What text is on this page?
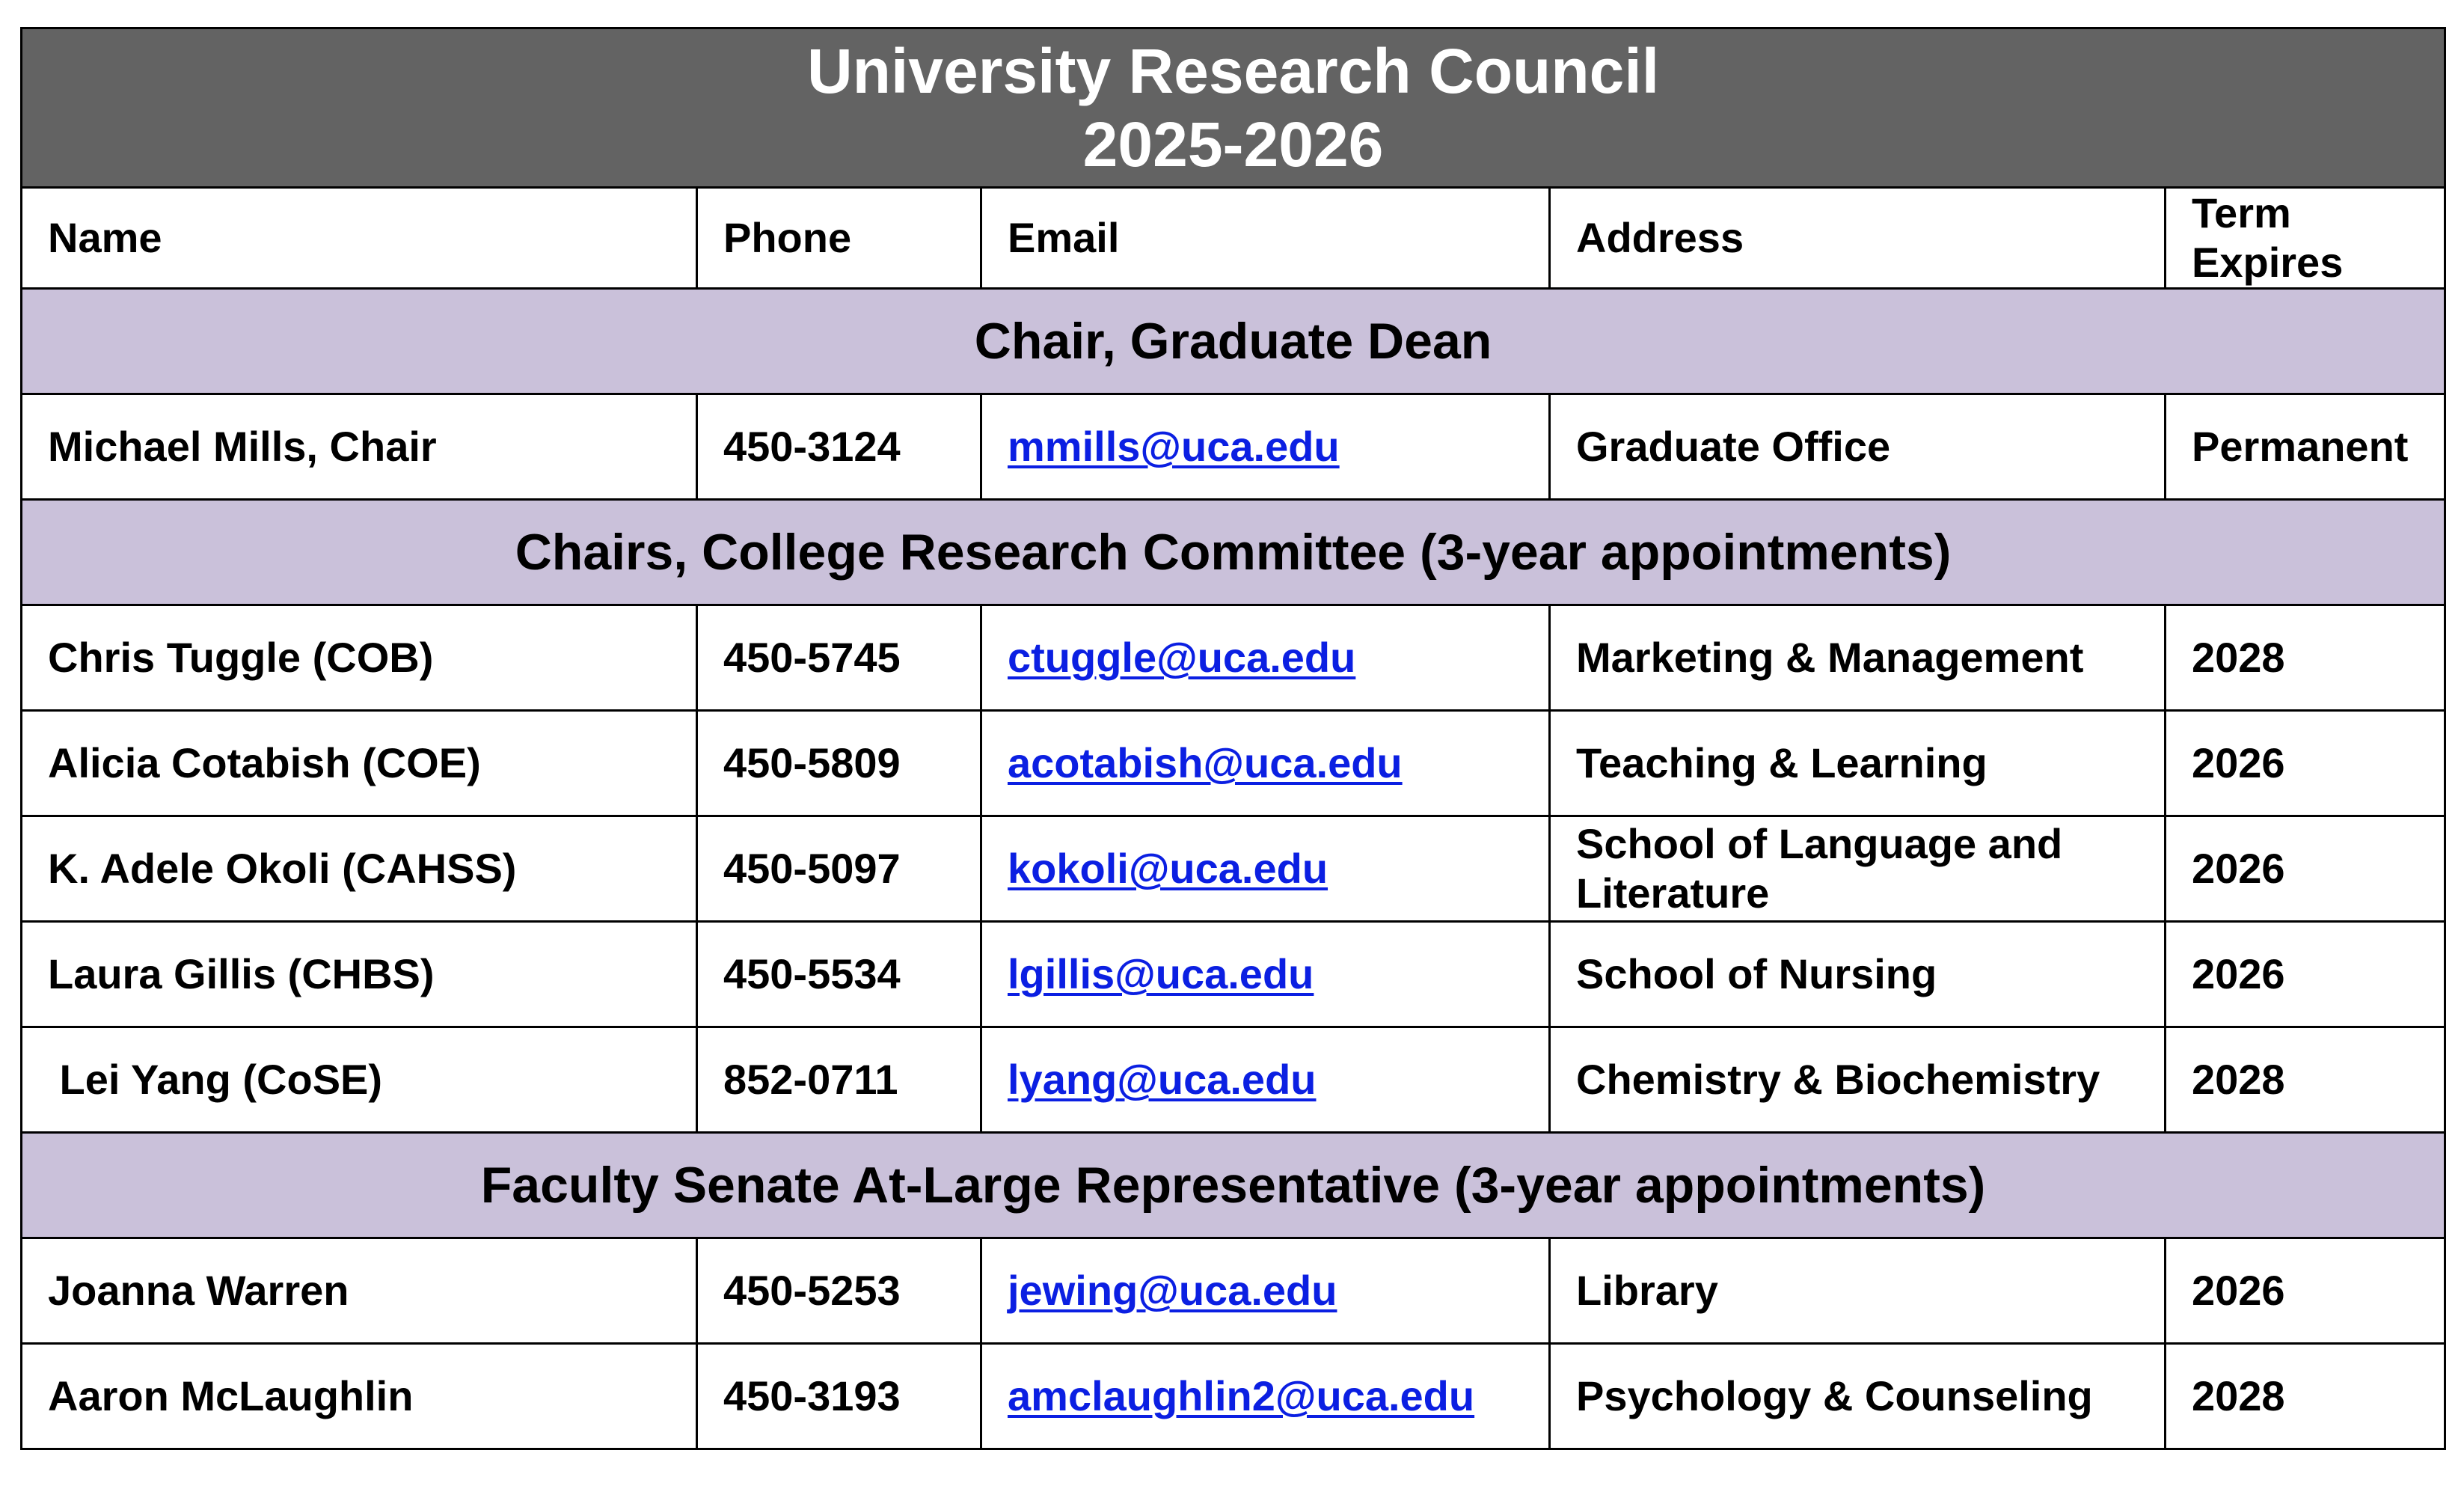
University Research Council
2025-2026				

Name	Phone	Email	Address	Term Expires
Chair, Graduate Dean				
Michael Mills, Chair	450-3124	mmills@uca.edu	Graduate Office	Permanent
Chairs, College Research Committee (3-year appointments)				
Chris Tuggle (COB)	450-5745	ctuggle@uca.edu	Marketing & Management	2028
Alicia Cotabish (COE)	450-5809	acotabish@uca.edu	Teaching & Learning	2026
K. Adele Okoli (CAHSS)	450-5097	kokoli@uca.edu	School of Language and Literature	2026
Laura Gillis (CHBS)	450-5534	lgillis@uca.edu	School of Nursing	2026
Lei Yang (CoSE)	852-0711	lyang@uca.edu	Chemistry & Biochemistry	2028
Faculty Senate At-Large Representative (3-year appointments)				
Joanna Warren	450-5253	jewing@uca.edu	Library	2026
Aaron McLaughlin	450-3193	amclaughlin2@uca.edu	Psychology & Counseling	2028
